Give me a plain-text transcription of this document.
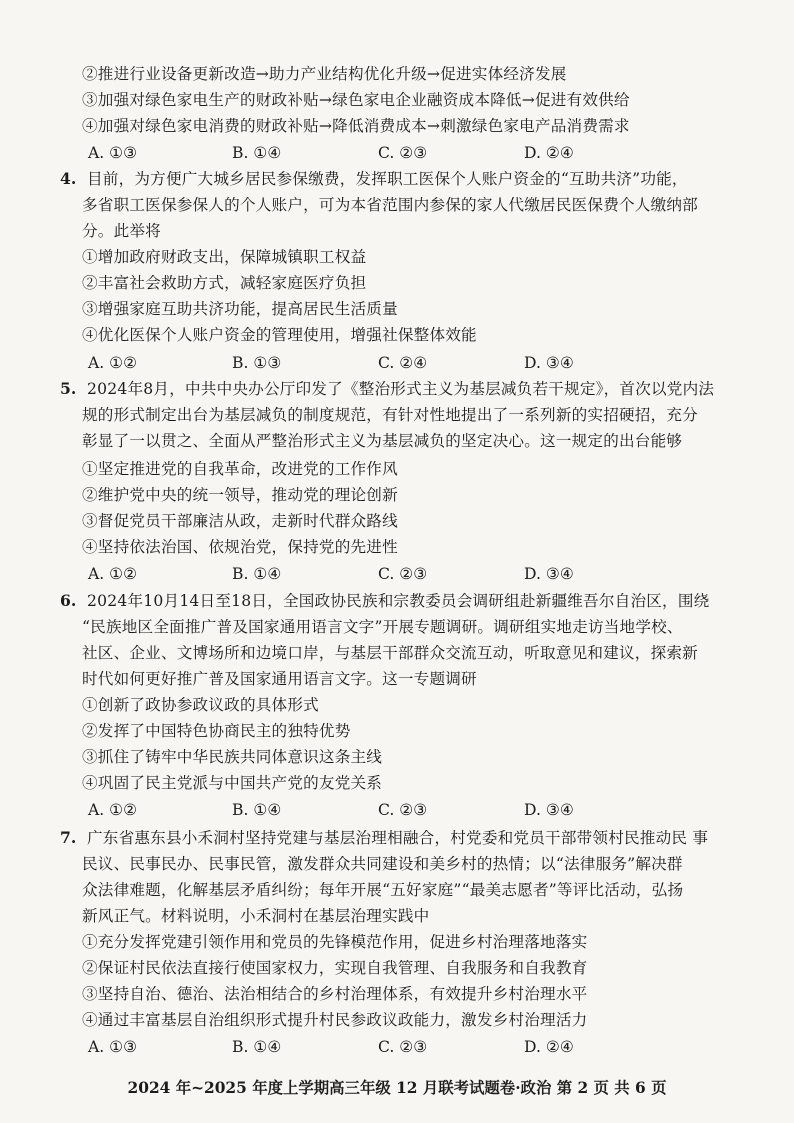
②推进行业设备更新改造→助力产业结构优化升级→促进实体经济发展

③加强对绿色家电生产的财政补贴→绿色家电企业融资成本降低→促进有效供给

④加强对绿色家电消费的财政补贴→降低消费成本→刺激绿色家电产品消费需求

A. ①③	B. ①④	C. ②③	D. ②④

4. 目前，为方便广大城乡居民参保缴费，发挥职工医保个人账户资金的“互助共济”功能，

多省职工医保参保人的个人账户，可为本省范围内参保的家人代缴居民医保费个人缴纳部

分。此举将

①增加政府财政支出，保障城镇职工权益

②丰富社会救助方式，减轻家庭医疗负担

③增强家庭互助共济功能，提高居民生活质量

④优化医保个人账户资金的管理使用，增强社保整体效能

A. ①②	B. ①③	C. ②④	D. ③④

5. 2024年8月，中共中央办公厅印发了《整治形式主义为基层减负若干规定》，首次以党内法

规的形式制定出台为基层减负的制度规范，有针对性地提出了一系列新的实招硬招，充分

彰显了一以贯之、全面从严整治形式主义为基层减负的坚定决心。这一规定的出台能够

①坚定推进党的自我革命，改进党的工作作风

②维护党中央的统一领导，推动党的理论创新

③督促党员干部廉洁从政，走新时代群众路线

④坚持依法治国、依规治党，保持党的先进性

A. ①②	B. ①④	C. ②③	D. ③④

6. 2024年10月14日至18日，全国政协民族和宗教委员会调研组赴新疆维吾尔自治区，围绕

“民族地区全面推广普及国家通用语言文字”开展专题调研。调研组实地走访当地学校、

社区、企业、文博场所和边境口岸，与基层干部群众交流互动，听取意见和建议，探索新

时代如何更好推广普及国家通用语言文字。这一专题调研

①创新了政协参政议政的具体形式

②发挥了中国特色协商民主的独特优势

③抓住了铸牢中华民族共同体意识这条主线

④巩固了民主党派与中国共产党的友党关系

A. ①②	B. ①④	C. ②③	D. ③④

7. 广东省惠东县小禾洞村坚持党建与基层治理相融合，村党委和党员干部带领村民推动民 事

民议、民事民办、民事民管，激发群众共同建设和美乡村的热情；以“法律服务”解决群

众法律难题，化解基层矛盾纠纷；每年开展“五好家庭”“最美志愿者”等评比活动，弘扬

新风正气。材料说明，小禾洞村在基层治理实践中

①充分发挥党建引领作用和党员的先锋模范作用，促进乡村治理落地落实

②保证村民依法直接行使国家权力，实现自我管理、自我服务和自我教育

③坚持自治、德治、法治相结合的乡村治理体系，有效提升乡村治理水平

④通过丰富基层自治组织形式提升村民参政议政能力，激发乡村治理活力

A. ①③	B. ①④	C. ②③	D. ②④
2024 年~2025 年度上学期高三年级 12 月联考试题卷·政治 第 2 页 共 6 页
